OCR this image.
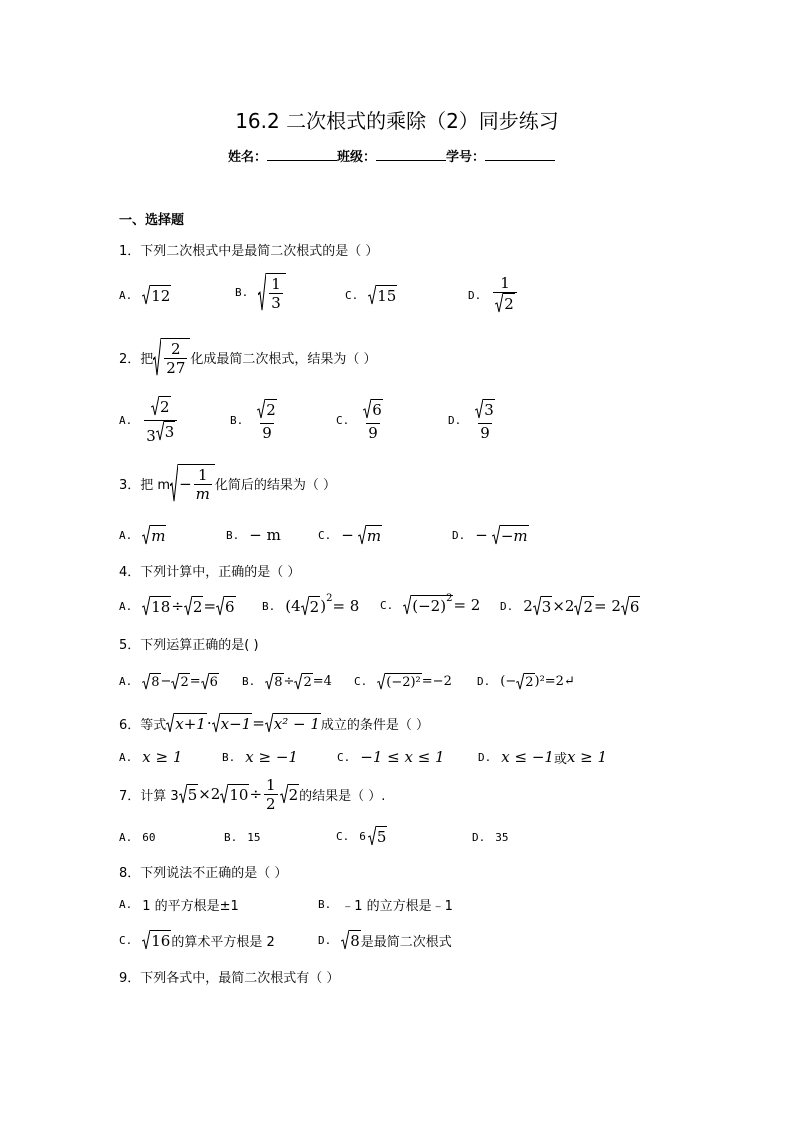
16.2 二次根式的乘除（2）同步练习
姓名：	班级：	学号：
一、选择题
1．下列二次根式中是最简二次根式的是（ ）
A. 12	B. $\frac{1}{3}$	C. 15	D. $\frac{1}{2}$
2．把 $\frac{2}{27}$ 化成最简二次根式，结果为（ ）
A. $\frac{2}{3 3}$	B. $\frac{2}{9}$	C. $\frac{6}{9}$	D. $\frac{3}{9}$
3．把 $m - \frac{1}{m}$ 化简后的结果为（ ）
A. m	B. − m	C. − m	D. − −m
4．下列计算中，正确的是（ ）
A. 18 ÷ 2 = 6 B. (4 2 ) 2 = 8 C. (−2) 2 = 2 D. 2 3 ×2 2 = 2 6
5．下列运算正确的是( )
A. 8 − 2 = 6 B. 8 ÷ 2 =4 C. (−2)² =−2 D. (− 2 )²=2↵
6．等式 x+1 · x−1 = x² − 1 成立的条件是（ ）
A. x ≥ 1	B. x ≥ −1	C. −1 ≤ x ≤ 1	D. x ≤ −1 或 x ≥ 1
7．计算 3 5 ×2 $10 \div \frac{1}{2} 2$ 的结果是（ ）.
A. 60	B. 15	C. 6 5	D. 35
8．下列说法不正确的是（ ）
A. 1 的平方根是±1	B. ﹣1 的立方根是﹣1
C. 16 的算术平方根是 2	D. 8 是最简二次根式
9．下列各式中，最简二次根式有（ ）
